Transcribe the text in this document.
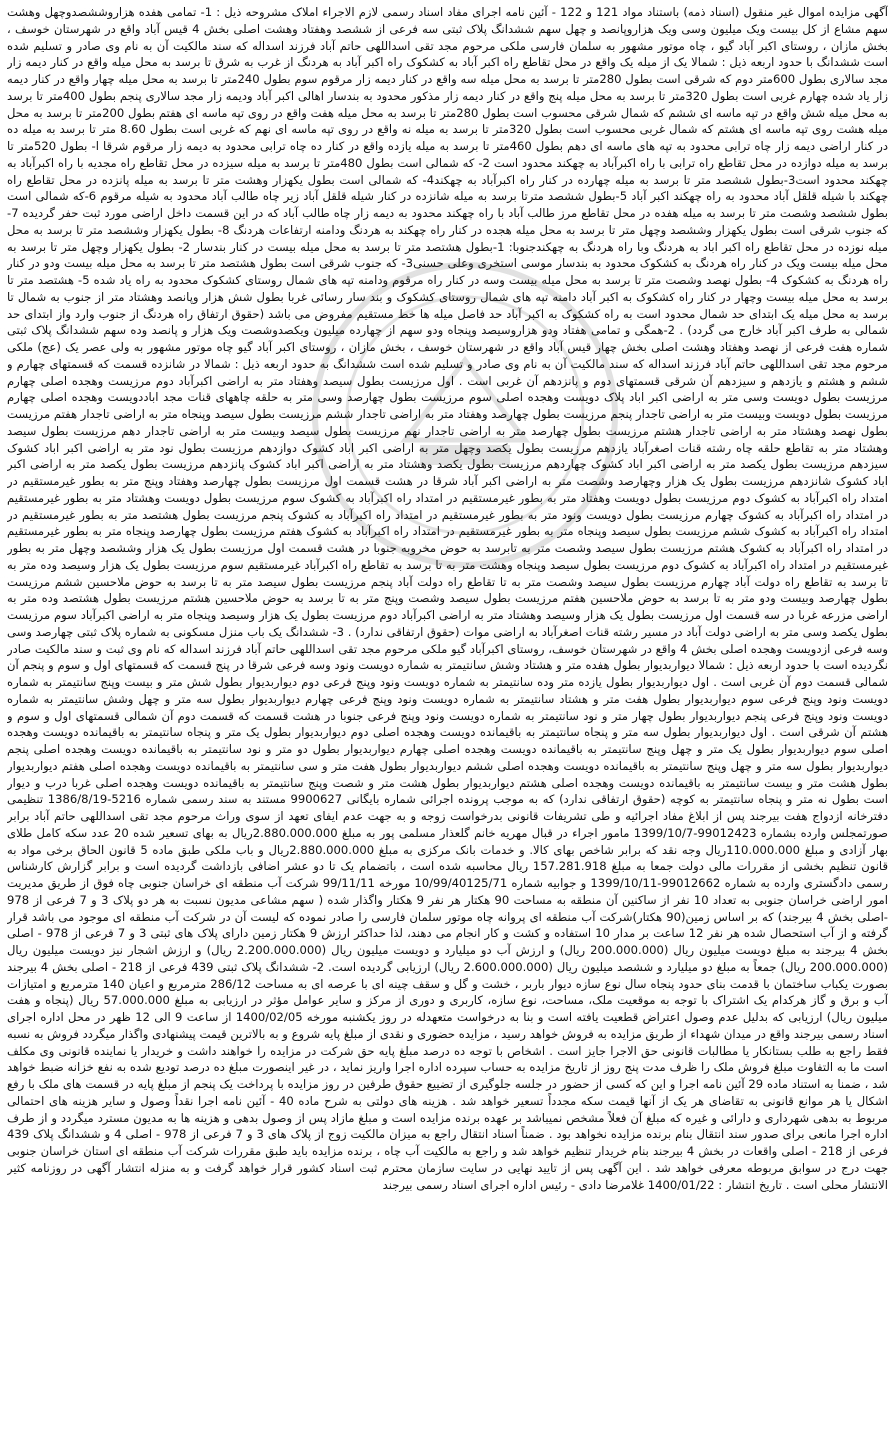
آگهی مزایده اموال غیر منقول (اسناد ذمه) باستناد مواد 121 و 122 - آئین نامه اجرای مفاد اسناد رسمی لازم الاجراء املاک مشروحه ذیل : 1- تمامی هفده هزاروششصدوچهل وهشت سهم مشاع از کل بیست ویک میلیون وسی ویک هزاروپانصد و چهل سهم ششدانگ پلاک ثبتی سه فرعی از ششصد وهفتاد وهشت اصلی بخش 4 قیس آباد واقع در شهرستان خوسف ، بخش مازان ، روستای اکبر آباد گیو ، چاه موتور مشهور به سلمان فارسی ملکی مرحوم مجد تقی اسداللهی حاتم آباد فرزند اسداله که سند مالکیت آن به نام وی صادر و تسلیم شده است ششدانگ با حدود اربعه ذیل : شمالا یک از میله یک واقع در محل تقاطع راه اکبر آباد به کشکوک راه اکبر آباد به هردنگ از غرب به شرق تا برسد به محل میله واقع در کنار دیمه زار مجد سالاری بطول 600متر دوم که شرقی است بطول 280متر تا برسد به محل میله سه واقع در کنار دیمه زار مرقوم سوم بطول 240متر تا برسد به محل میله چهار واقع در کنار دیمه زار یاد شده چهارم غربی است بطول 320متر تا برسد به محل میله پنج واقع در کنار دیمه زار مذکور محدود به بندسار اهالی اکبر آباد ودیمه زار مجد سالاری پنجم بطول 400متر تا برسد به محل میله شش واقع در تپه ماسه ای ششم که شمال شرقی محسوب است بطول 280متر تا برسد به محل میله هفت واقع در روی تپه ماسه ای هفتم بطول 200متر تا برسد به محل میله هشت روی تپه ماسه ای هشتم که شمال غربی محسوب است بطول 320متر تا برسد به میله نه واقع در روی تپه ماسه ای نهم که غربی است بطول 8.60 متر تا برسد به میله ده در کنار اراضی دیمه زار چاه ترابی محدود به تپه های ماسه ای دهم بطول 460متر تا برسد به میله یازده واقع در کنار ده چاه ترابی محدود به دیمه زار مرقوم شرقا ا- بطول 520متر تا برسد به میله دوازده در محل تقاطع راه ترابی با راه اکبرآباد به چهکند محدود است 2- که شمالی است بطول 480متر تا برسد به میله سیزده در محل تقاطع راه مجدیه با راه اکبرآباد به چهکند محدود است3-بطول ششصد متر تا برسد به میله چهارده در کنار راه اکبرآباد به چهکند4- که شمالی است بطول یکهزار وهشت متر تا برسد به میله پانزده در محل تقاطع راه چهکند با شیله قلقل آباد محدود به راه چهکند اکبر آباد 5-بطول ششصد مترتا برسد به میله شانزده در کنار شیله قلقل آباد زیر چاه طالب آباد محدود به شیله مرقوم 6-که شمالی است بطول ششصد وشصت متر تا برسد به میله هفده در محل تقاطع مرز طالب آباد با راه چهکند محدود به دیمه زار چاه طالب آباد که در این قسمت داخل اراضی مورد ثبت حفر گردیده 7- که جنوب شرقی است بطول یکهزار وششصد وچهل متر تا برسد به محل میله هجده در کنار راه چهکند به هردنگ ودامنه ارتفاعات هردنگ 8- بطول یکهزار وششصد متر تا برسد به محل میله نوزده در محل تقاطع راه اکبر اباد به هردنگ وبا راه هردنگ به چهکندجنوبا: 1-بطول هشتصد متر تا برسد به محل میله بیست در کنار بندسار 2- بطول یکهزار وچهل متر تا برسد به محل میله بیست ویک در کنار راه هردنگ به کشکوک محدود به بندسار موسی استخری وعلی حسنی3- که جنوب شرقی است بطول هشتصد متر تا برسد به محل میله بیست ودو در کنار راه هردنگ به کشکوک 4- بطول نهصد وشصت متر تا برسد به محل میله بیست وسه در کنار راه مرقوم ودامنه تپه های شمال روستای کشکوک محدود به راه یاد شده 5- هشتصد متر تا برسد به محل میله بیست وچهار در کنار راه کشکوک به اکبر آباد دامنه تپه های شمال روستای کشکوک و بند سار رسائی غربا بطول شش هزار وپانصد وهشتاد متر از جنوب به شمال تا برسد به محل میله یک ابتدای حد شمال محدود است به راه کشکوک به اکبر آباد حد فاصل میله ها خط مستقیم مفروض می باشد (حقوق ارتفاق راه هردنگ از جنوب وارد واز ابتدای حد شمالی به طرف اکبر آباد خارج می گردد) . 2-همگی و تمامی هفتاد ودو هزاروسیصد وپنجاه ودو سهم از چهارده میلیون ویکصدوشصت ویک هزار و پانصد وده سهم ششدانگ پلاک ثبتی شماره هفت فرعی از نهصد وهفتاد وهشت اصلی بخش چهار قیس آباد واقع در شهرستان خوسف ، بخش مازان ، روستای اکبر آباد گیو چاه موتور مشهور به ولی عصر یک (عج) ملکی مرحوم مجد تقی اسداللهی حاتم آباد فرزند اسداله که سند مالکیت آن به نام وی صادر و تسلیم شده است ششدانگ به حدود اربعه ذیل : شمالا در شانزده قسمت که قسمتهای چهارم و ششم و هشتم و یازدهم و سیزدهم آن شرقی قسمتهای دوم و پانزدهم آن غربی است . اول مرزیست بطول سیصد وهفتاد متر به اراضی اکبرآباد دوم مرزیست وهجده اصلی چهارم مرزیست بطول دویست وسی متر به اراضی اکبر اباد پلاک دویست وهجده اصلی سوم مرزیست بطول چهارصد وسی متر به حلقه چاههای قنات مجد اباددویست وهجده اصلی چهارم مرزیست بطول دویست وبیست متر به اراضی تاجدار پنجم مرزیست بطول چهارصد وهفتاد متر به اراضی تاجدار ششم مرزیست بطول سیصد وپنجاه متر به اراضی تاجدار هفتم مرزیست بطول نهصد وهشتاد متر به اراضی تاجدار هشتم مرزیست بطول چهارصد متر به اراضی تاجدار نهم مرزیست بطول سیصد وبیست متر به اراضی تاجدار دهم مرزیست بطول سیصد وهشتاد متر به تقاطع حلقه چاه رشته قنات اصغرآباد یازدهم مرزیست بطول یکصد وچهل متر به اراضی اکبر اباد کشوک دوازدهم مرزیست بطول نود متر به اراضی اکبر اباد کشوک سیزدهم مرزیست بطول یکصد متر به اراضی اکبر اباد کشوک چهاردهم مرزیست بطول یکصد وهشتاد متر به اراضی اکبر اباد کشوک پانزدهم مرزیست بطول یکصد متر به اراضی اکبر اباد کشوک شانزدهم مرزیست بطول یک هزار وچهارصد وشصت متر به اراضی اکبر آباد شرقا در هشت قسمت اول مرزیست بطول چهارصد وهفتاد وپنج متر به بطور غیرمستقیم در امتداد راه اکبرآباد به کشوک دوم مرزیست بطول دویست وهفتاد متر به بطور غیرمستقیم در امتداد راه اکبرآباد به کشوک سوم مرزیست بطول دویست وهشتاد متر به بطور غیرمستقیم در امتداد راه اکبرآباد به کشوک چهارم مرزیست بطول دویست ونود متر به بطور غیرمستقیم در امتداد راه اکبرآباد به کشوک پنجم مرزیست بطول هشتصد متر به بطور غیرمستقیم در امتداد راه اکبرآباد به کشوک ششم مرزیست بطول سیصد وپنجاه متر به بطور غیرمستقیم در امتداد راه اکبرآباد به کشوک هفتم مرزیست بطول چهارصد وپنجاه متر به بطور غیرمستقیم در امتداد راه اکبرآباد به کشوک هشتم مرزیست بطول سیصد وشصت متر به تابرسد به حوض مخروبه جنوبا در هشت قسمت اول مرزیست بطول یک هزار وششصد وچهل متر به بطور غیرمستقیم در امتداد راه اکبرآباد به کشوک دوم مرزیست بطول سیصد وپنجاه وهشت متر به تا برسد به تقاطع راه اکبرآباد غیرمستقیم سوم مرزیست بطول یک هزار وسیصد وده متر به تا برسد به تقاطع راه دولت آباد چهارم مرزیست بطول سیصد وشصت متر به تا تقاطع راه دولت آباد پنجم مرزیست بطول سیصد متر به تا برسد به حوض ملاحسین ششم مرزیست بطول چهارصد وبیست ودو متر به تا برسد به حوض ملاحسین هفتم مرزیست بطول سیصد وشصت وپنج متر به تا برسد به حوض ملاحسین هشتم مرزیست بطول هشتصد وده متر به اراضی مزرعه غربا در سه قسمت اول مرزیست بطول یک هزار وسیصد وهشتاد متر به اراضی اکبرآباد دوم مرزیست بطول یک هزار وسیصد وپنجاه متر به اراضی اکبرآباد سوم مرزیست بطول یکصد وسی متر به اراضی دولت آباد در مسیر رشته قنات اصغرآباد به اراضی موات (حقوق ارتفاقی ندارد) . 3- ششدانگ یک باب منزل مسکونی به شماره پلاک ثبتی چهارصد وسی وسه فرعی ازدویست وهجده اصلی بخش 4 واقع در شهرستان خوسف، روستای اکبرآباد گیو ملکی مرحوم مجد تقی اسداللهی حاتم آباد فرزند اسداله که نام وی ثبت و سند مالکیت صادر نگردیده است با حدود اربعه ذیل : شمالا دیواربدیوار بطول هفده متر و هشتاد وشش سانتیمتر به شماره دویست ونود وسه فرعی شرقا در پنج قسمت که قسمتهای اول و سوم و پنجم آن شمالی قسمت دوم آن غربی است . اول دیواربدیوار بطول یازده متر وده سانتیمتر به شماره دویست ونود وپنج فرعی دوم دیواربدیوار بطول شش متر و بیست وپنج سانتیمتر به شماره دویست ونود وپنج فرعی سوم دیواربدیوار بطول هفت متر و هشتاد سانتیمتر به شماره دویست ونود وپنج فرعی چهارم دیواربدیوار بطول سه متر و چهل وشش سانتیمتر به شماره دویست ونود وپنج فرعی پنجم دیواربدیوار بطول چهار متر و نود سانتیمتر به شماره دویست ونود وپنج فرعی جنوبا در هشت قسمت که قسمت دوم آن شمالی قسمتهای اول و سوم و هشتم آن شرقی است . اول دیواربدیوار بطول سه متر و پنجاه سانتیمتر به باقیمانده دویست وهجده اصلی دوم دیواربدیوار بطول یک متر و پنجاه سانتیمتر به باقیمانده دویست وهجده اصلی سوم دیواربدیوار بطول یک متر و چهل وپنج سانتیمتر به باقیمانده دویست وهجده اصلی چهارم دیواربدیوار بطول دو متر و نود سانتیمتر به باقیمانده دویست وهجده اصلی پنجم دیواربدیوار بطول سه متر و چهل وپنج سانتیمتر به باقیمانده دویست وهجده اصلی ششم دیواربدیوار بطول هفت متر و سی سانتیمتر به باقیمانده دویست وهجده اصلی هفتم دیواربدیوار بطول هشت متر و بیست سانتیمتر به باقیمانده دویست وهجده اصلی هشتم دیواربدیوار بطول هشت متر و شصت وپنج سانتیمتر به باقیمانده دویست وهجده اصلی غربا درب و دیوار است بطول نه متر و پنجاه سانتیمتر به کوچه (حقوق ارتفاقی ندارد) که به موجب پرونده اجرائی شماره بایگانی 9900627 مستند به سند رسمی شماره 5216-1386/8/19 تنظیمی دفترخانه ازدواج هفت بیرجند پس از ابلاغ مفاد اجرائیه و طی تشریفات قانونی بدرخواست زوجه و به جهت عدم ایفای تعهد از سوی وراث مرحوم مجد تقی اسداللهی حاتم آباد برابر صورتمجلس وارده بشماره 99012423-1399/10/7 مامور اجراء در قبال مهریه خانم گلعذار مسلمی پور به مبلغ 2.880.000.000ریال به بهای تسعیر شده 20 عدد سکه کامل طلای بهار آزادی و مبلغ 110.000.000ریال وجه نقد که برابر شاخص بهای کالا. و خدمات بانک مرکزی به مبلغ 2.880.000.000ریال و باب ملکی طبق ماده 5 قانون الحاق برخی مواد به قانون تنظیم بخشی از مقررات مالی دولت جمعا به مبلغ 157.281.918 ریال محاسبه شده است ، باتضمام یک تا دو عشر اضافی بازداشت گردیده است و برابر گزارش کارشناس رسمی دادگستری وارده به شماره 99012662-1399/10/11 و جوابیه شماره 10/99/40125/71 مورخه 99/11/11 شرکت آب منطقه ای خراسان جنوبی چاه فوق از طریق مدیریت امور اراضی خراسان جنوبی به تعداد 10 نفر از ساکنین آن منطقه به مساحت 90 هکتار هر نفر 9 هکتار واگذار شده ( سهم مشاعی مدیون نسبت به هر دو پلاک 3 و 7 فرعی از 978 -اصلی بخش 4 بیرجند) که بر اساس زمین(90 هکتار)شرکت آب منطقه ای پروانه چاه موتور سلمان فارسی را صادر نموده که لیست آن در شرکت آب منطقه ای موجود می باشد قرار گرفته و از آب استحصال شده هر نفر 12 ساعت بر مدار 10 استفاده و کشت و کار انجام می دهند، لذا حداکثر ارزش 9 هکتار زمین دارای پلاک های ثبتی 3 و 7 فرعی از 978 - اصلی بخش 4 بیرجند به مبلغ دویست میلیون ریال (200.000.000 ریال) و ارزش آب دو میلیارد و دویست میلیون ریال (2.200.000.000 ریال) و ارزش اشجار نیز دویست میلیون ریال (200.000.000 ریال) جمعاً به مبلغ دو میلیارد و ششصد میلیون ریال (2.600.000.000 ریال) ارزیابی گردیده است. 2- ششدانگ پلاک ثبتی 439 فرعی از 218 - اصلی بخش 4 بیرجند بصورت یکباب ساختمان با قدمت بنای حدود پنجاه سال نوع سازه دیوار باربر ، خشت و گل و سقف چینه ای با عرصه ای به مساحت 286/12 مترمربع و اعیان 140 مترمربع و امتیازات آب و برق و گاز هرکدام یک اشتراک با توجه به موقعیت ملک، مساحت، نوع سازه، کاربری و دوری از مرکز و سایر عوامل مؤثر در ارزیابی به مبلغ 57.000.000 ریال (پنجاه و هفت میلیون ریال) ارزیابی که بدلیل عدم وصول اعتراض قطعیت یافته است و بنا به درخواست متعهدله در روز یکشنبه مورخه 1400/02/05 از ساعت 9 الی 12 ظهر در محل اداره اجرای اسناد رسمی بیرجند واقع در میدان شهداء از طریق مزایده به فروش خواهد رسید ، مزایده حضوری و نقدی از مبلغ پایه شروع و به بالاترین قیمت پیشنهادی واگذار میگردد فروش به نسبه فقط راجع به طلب بستانکار یا مطالبات قانونی حق الاجرا جایز است . اشخاص با توجه ده درصد مبلغ پایه حق شرکت در مزایده را خواهند داشت و خریدار یا نماینده قانونی وی مکلف است ما به التفاوت مبلغ فروش ملک را ظرف مدت پنج روز از تاریخ مزایده به حساب سپرده اداره اجرا واریز نماید ، در غیر اینصورت مبلغ ده درصد تودیع شده به نفع خزانه ضبط خواهد شد ، ضمنا به استناد ماده 29 آئین نامه اجرا و این که کسی از حضور در جلسه جلوگیری از تضییع حقوق طرفین در روز مزایده با پرداخت یک پنجم از مبلغ پایه در قسمت های ملک با رفع اشکال یا هر موانع قانونی به تقاضای هر یک از آنها قیمت سکه مجدداً تسعیر خواهد شد . هزینه های دولتی به شرح ماده 40 - آئین نامه اجرا نقداً وصول و سایر هزینه های احتمالی مربوط به بدهی شهرداری و دارائی و غیره که مبلغ آن فعلاً مشخص نمیباشد بر عهده برنده مزایده است و مبلغ مازاد پس از وصول بدهی و هزینه ها به مدیون مسترد میگردد و از طرف اداره اجرا مانعی برای صدور سند انتقال بنام برنده مزایده نخواهد بود . ضمناً اسناد انتقال راجع به میزان مالکیت زوج از پلاک های 3 و 7 فرعی از 978 - اصلی 4 و ششدانگ پلاک 439 فرعی از 218 - اصلی واقعات در بخش 4 بیرجند بنام خریدار تنظیم خواهد شد و راجع به مالکیت آب چاه ، برنده مزایده باید طبق مقررات شرکت آب منطقه ای استان خراسان جنوبی جهت درج در سوابق مربوطه معرفی خواهد شد . این آگهی پس از تایید نهایی در سایت سازمان محترم ثبت اسناد کشور قرار خواهد گرفت و به منزله انتشار آگهی در روزنامه کثیر الانتشار محلی است . تاریخ انتشار : 1400/01/22 غلامرضا دادی - رئیس اداره اجرای اسناد رسمی بیرجند
